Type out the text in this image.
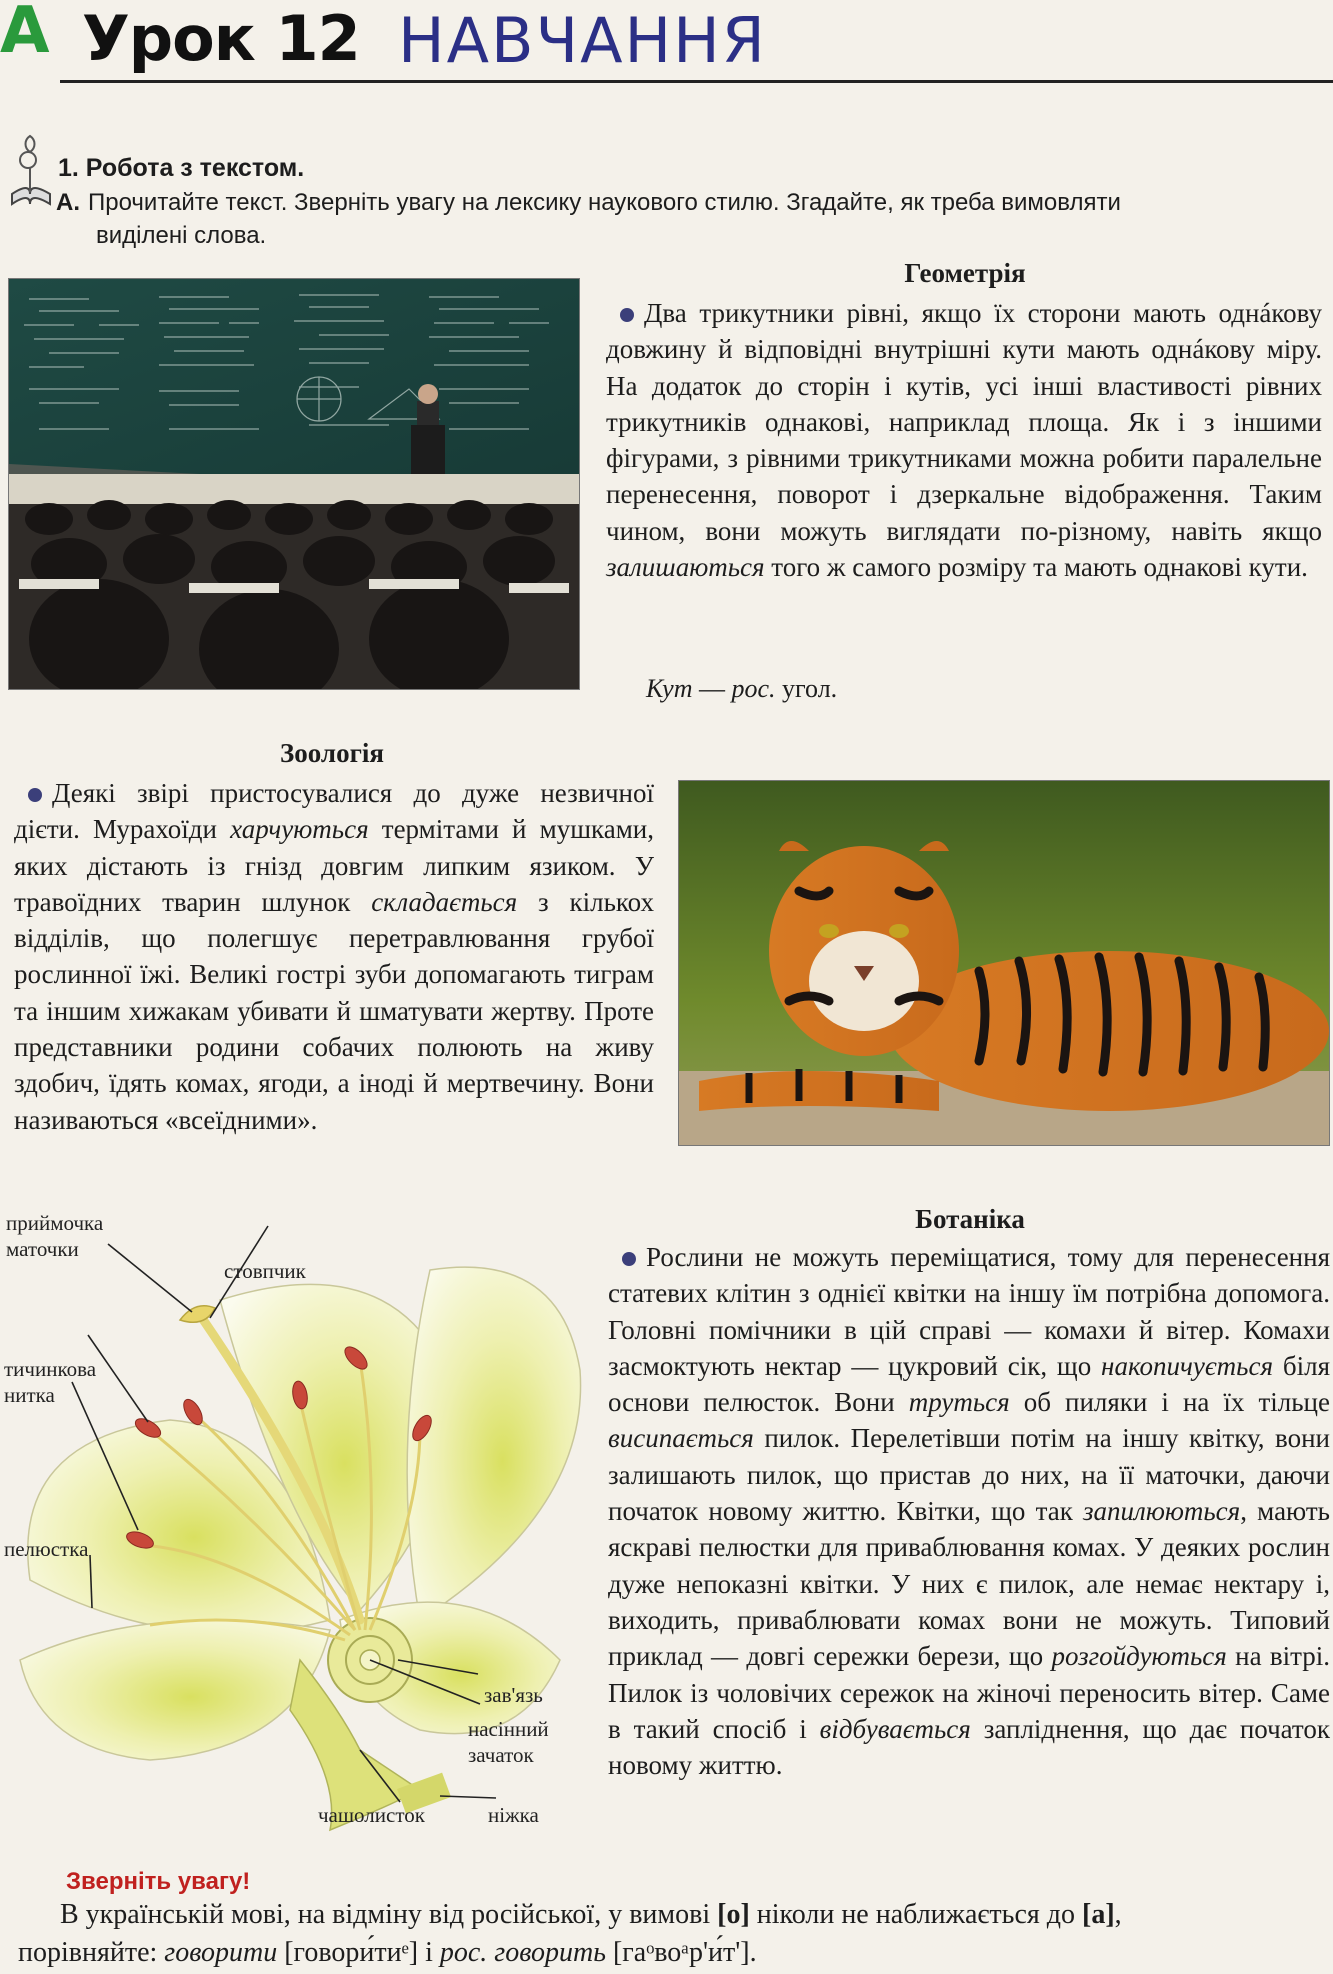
A Урок 12 НАВЧАННЯ
1. Робота з текстом.
А. Прочитайте текст. Зверніть увагу на лексику наукового стилю. Згадайте, як треба вимовляти
виділені слова.
Геометрія
Два трикутники рівні, якщо їх сторони мають однáкову довжину й відповідні внутрішні кути мають однáкову міру. На додаток до сторін і кутів, усі інші властивості рівних трикутників однакові, наприклад площа. Як і з іншими фігурами, з рівними трикутниками можна робити паралельне перенесення, поворот і дзеркальне відображення. Таким чином, вони можуть виглядати по-різному, навіть якщо залишаються того ж самого розміру та мають однакові кути.
Кут — рос. угол.
Зоологія
Деякі звірі пристосувалися до дуже незвичної дієти. Мурахоїди харчуються термітами й мушками, яких дістають із гнізд довгим липким язиком. У травоїдних тварин шлунок складається з кількох відділів, що полегшує перетравлювання грубої рослинної їжі. Великі гострі зуби допомагають тиграм та іншим хижакам убивати й шматувати жертву. Проте представники родини собачих полюють на живу здобич, їдять комах, ягоди, а іноді й мертвечину. Вони називаються «всеїдними».
приймочка
маточки
стовпчик
тичинкова
нитка
пелюстка
зав'язь
насінний
зачаток
чашолисток	ніжка
Ботаніка
Рослини не можуть переміщатися, тому для перенесення статевих клітин з однієї квітки на іншу їм потрібна допомога. Головні помічники в цій справі — комахи й вітер. Комахи засмоктують нектар — цукровий сік, що накопичується біля основи пелюсток. Вони труться об пиляки і на їх тільце висипається пилок. Перелетівши потім на іншу квітку, вони залишають пилок, що пристав до них, на її маточки, даючи початок новому життю. Квітки, що так запилюються, мають яскраві пелюстки для приваблювання комах. У деяких рослин дуже непоказні квітки. У них є пилок, але немає нектару і, виходить, приваблювати комах вони не можуть. Типовий приклад — довгі сережки берези, що розгойдуються на вітрі. Пилок із чоловічих сережок на жіночі переносить вітер. Саме в такий спосіб і відбувається запліднення, що дає початок новому життю.
Зверніть увагу!
В українській мові, на відміну від російської, у вимові [о] ніколи не наближається до [а],
порівняйте: говорити [говори́тиᵉ] і рос. говорить [гаᵒвоᵃр'и́т'].
